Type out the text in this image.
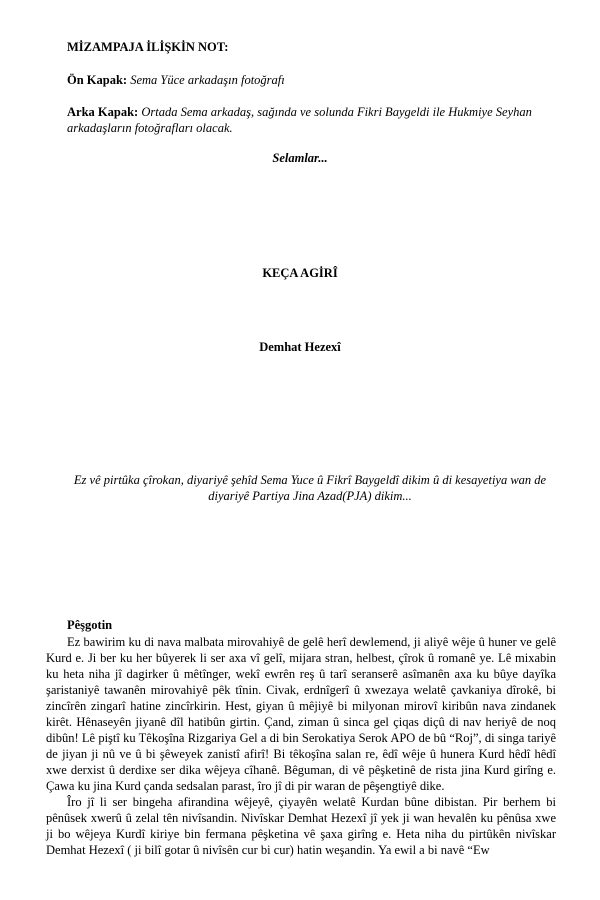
MİZAMPAJA İLİŞKİN NOT:

Ön Kapak: Sema Yüce arkadaşın fotoğrafı

Arka Kapak: Ortada Sema arkadaş, sağında ve solunda Fikri Baygeldi ile Hukmiye Seyhan arkadaşların fotoğrafları olacak.

Selamlar...

KEÇA AGİRÎ

Demhat Hezexî

Ez vê pirtûka çîrokan, diyariyê şehîd Sema Yuce û Fikrî Baygeldî dikim û di kesayetiya wan de diyariyê Partiya Jina Azad(PJA) dikim...

Pêşgotin

Ez bawirim ku di nava malbata mirovahiyê de gelê herî dewlemend, ji aliyê wêje û huner ve gelê Kurd e. Ji ber ku her bûyerek li ser axa vî gelî, mijara stran, helbest, çîrok û romanê ye. Lê mixabin ku heta niha jî dagirker û mêtînger, wekî ewrên reş û tarî seranserê asîmanên axa ku bûye dayîka şaristaniyê tawanên mirovahiyê pêk tînin. Civak, erdnîgerî û xwezaya welatê çavkaniya dîrokê, bi zincîrên zingarî hatine zincîrkirin. Hest, giyan û mêjiyê bi milyonan mirovî kiribûn nava zindanek kirêt. Hênaseyên jiyanê dîl hatibûn girtin. Çand, ziman û sinca gel çiqas diçû di nav heriyê de noq dibûn! Lê piştî ku Têkoşîna Rizgariya Gel a di bin Serokatiya Serok APO de bû “Roj”, di singa tariyê de jiyan ji nû ve û bi şêweyek zanistî afirî! Bi têkoşîna salan re, êdî wêje û hunera Kurd hêdî hêdî xwe derxist û derdixe ser dika wêjeya cîhanê. Bêguman, di vê pêşketinê de rista jina Kurd girîng e. Çawa ku jina Kurd çanda sedsalan parast, îro jî di pir waran de pêşengtiyê dike.

Îro jî li ser bingeha afirandina wêjeyê, çiyayên welatê Kurdan bûne dibistan. Pir berhem bi pênûsek xwerû û zelal tên nivîsandin. Nivîskar Demhat Hezexî jî yek ji wan hevalên ku pênûsa xwe ji bo wêjeya Kurdî kiriye bin fermana pêşketina vê şaxa girîng e. Heta niha du pirtûkên nivîskar Demhat Hezexî ( ji bilî gotar û nivîsên cur bi cur) hatin weşandin. Ya ewil a bi navê “Ew
